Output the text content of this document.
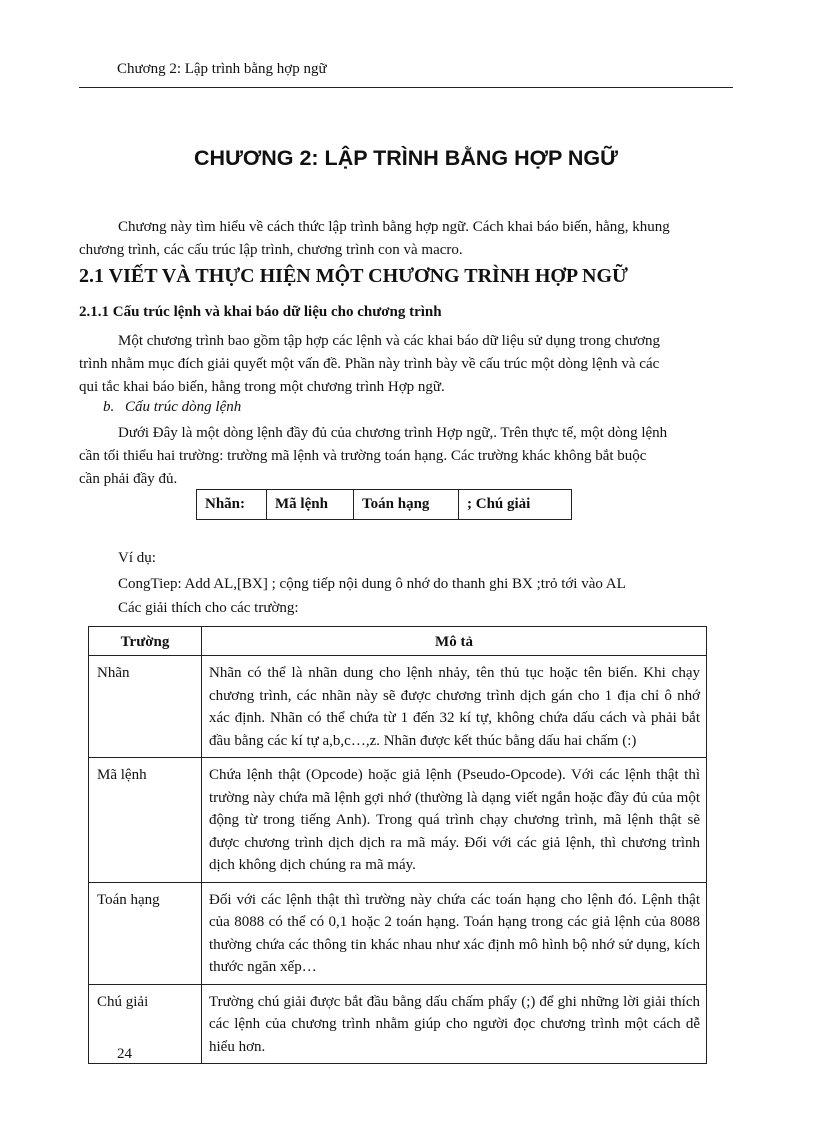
Chương 2: Lập trình bằng hợp ngữ
CHƯƠNG 2: LẬP TRÌNH BẰNG HỢP NGỮ
Chương này tìm hiểu về cách thức lập trình bằng hợp ngữ. Cách khai báo biến, hằng, khung
chương trình, các cấu trúc lập trình, chương trình con và macro.
2.1 VIẾT VÀ THỰC HIỆN MỘT CHƯƠNG TRÌNH HỢP NGỮ
2.1.1 Cấu trúc lệnh và khai báo dữ liệu cho chương trình
Một chương trình bao gồm tập hợp các lệnh và các khai báo dữ liệu sử dụng trong chương
trình nhằm mục đích giải quyết một vấn đề. Phần này trình bày về cấu trúc một dòng lệnh và các
qui tắc khai báo biến, hằng trong một chương trình Hợp ngữ.
b. Cấu trúc dòng lệnh
Dưới Đây là một dòng lệnh đầy đủ của chương trình Hợp ngữ,. Trên thực tế, một dòng lệnh
cần tối thiểu hai trường: trường mã lệnh và trường toán hạng. Các trường khác không bắt buộc
cần phải đầy đủ.
Nhãn:	Mã lệnh	Toán hạng	; Chú giải
Ví dụ:
CongTiep: Add AL,[BX] ; cộng tiếp nội dung ô nhớ do thanh ghi BX ;trỏ tới vào AL
Các giải thích cho các trường:
Trường	Mô tả
Nhãn	Nhãn có thể là nhãn dung cho lệnh nhảy, tên thủ tục hoặc tên biến. Khi chạy chương trình, các nhãn này sẽ được chương trình dịch gán cho 1 địa chỉ ô nhớ xác định. Nhãn có thể chứa từ 1 đến 32 kí tự, không chứa dấu cách và phải bắt đầu bằng các kí tự a,b,c…,z. Nhãn được kết thúc bằng dấu hai chấm (:)
Mã lệnh	Chứa lệnh thật (Opcode) hoặc giả lệnh (Pseudo-Opcode). Với các lệnh thật thì trường này chứa mã lệnh gợi nhớ (thường là dạng viết ngắn hoặc đầy đủ của một động từ trong tiếng Anh). Trong quá trình chạy chương trình, mã lệnh thật sẽ được chương trình dịch dịch ra mã máy. Đối với các giả lệnh, thì chương trình dịch không dịch chúng ra mã máy.
Toán hạng	Đối với các lệnh thật thì trường này chứa các toán hạng cho lệnh đó. Lệnh thật của 8088 có thể có 0,1 hoặc 2 toán hạng. Toán hạng trong các giả lệnh của 8088 thường chứa các thông tin khác nhau như xác định mô hình bộ nhớ sử dụng, kích thước ngăn xếp…
Chú giải	Trường chú giải được bắt đầu bằng dấu chấm phẩy (;) để ghi những lời giải thích các lệnh của chương trình nhằm giúp cho người đọc chương trình một cách dễ hiểu hơn.
24
